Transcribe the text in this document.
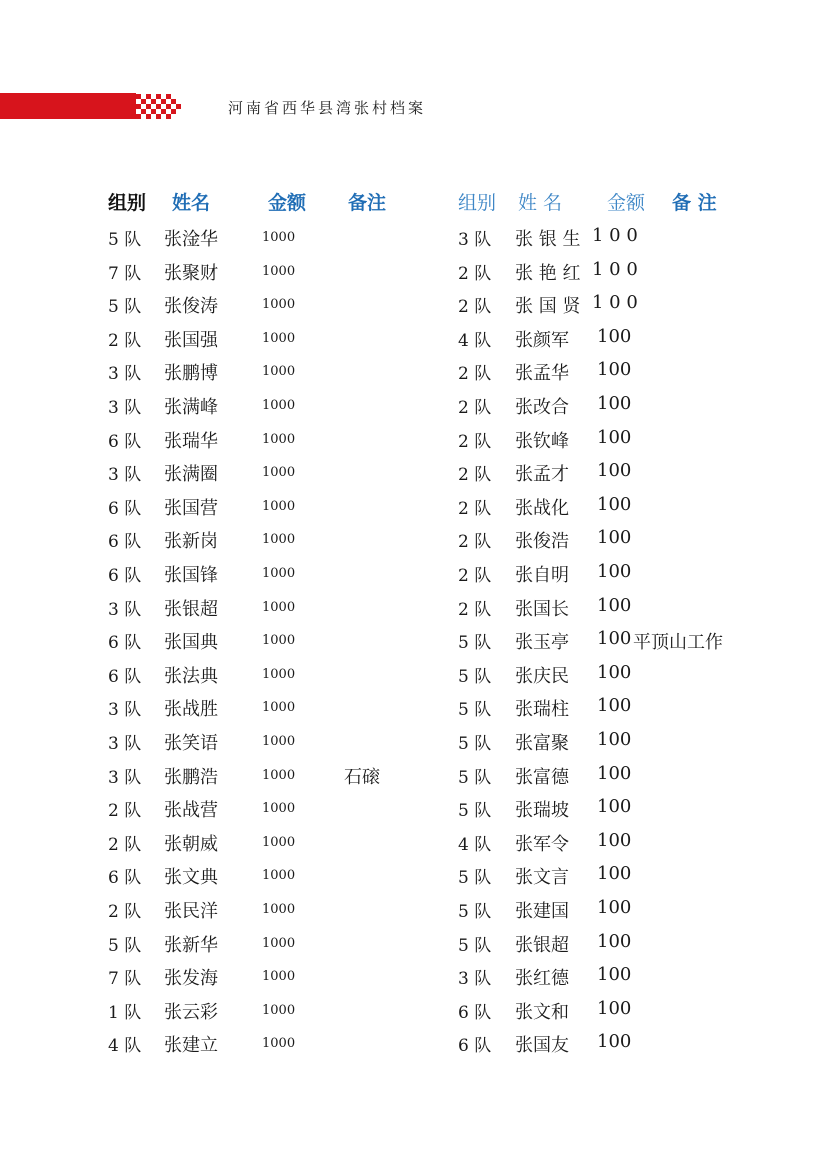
河南省西华县湾张村档案
组别 姓名	金额 备注	组别 姓 名 金额 备 注
5 队 张淦华	1000
7 队 张聚财	1000
5 队 张俊涛	1000
2 队 张国强	1000
3 队 张鹏博	1000
3 队 张满峰	1000
6 队 张瑞华	1000
3 队 张满圈	1000
6 队 张国营	1000
6 队 张新岗	1000
6 队 张国锋	1000
3 队 张银超	1000
6 队 张国典	1000
6 队 张法典	1000
3 队 张战胜	1000
3 队 张笑语	1000
3 队 张鹏浩	1000	石磙
2 队 张战营	1000
2 队 张朝威	1000
6 队 张文典	1000
2 队 张民洋	1000
5 队 张新华	1000
7 队 张发海	1000
1 队 张云彩	1000
4 队 张建立	1000
3 队 张 银 生 1 0 0
2 队 张 艳 红 1 0 0
2 队 张 国 贤 1 0 0
4 队 张颜军 100
2 队 张孟华 100
2 队 张改合 100
2 队 张钦峰 100
2 队 张孟才 100
2 队 张战化 100
2 队 张俊浩 100
2 队 张自明 100
2 队 张国长 100
5 队 张玉亭 100 平顶山工作
5 队 张庆民 100
5 队 张瑞柱 100
5 队 张富聚 100
5 队 张富德 100
5 队 张瑞坡 100
4 队 张军令 100
5 队 张文言 100
5 队 张建国 100
5 队 张银超 100
3 队 张红德 100
6 队 张文和 100
6 队 张国友 100
